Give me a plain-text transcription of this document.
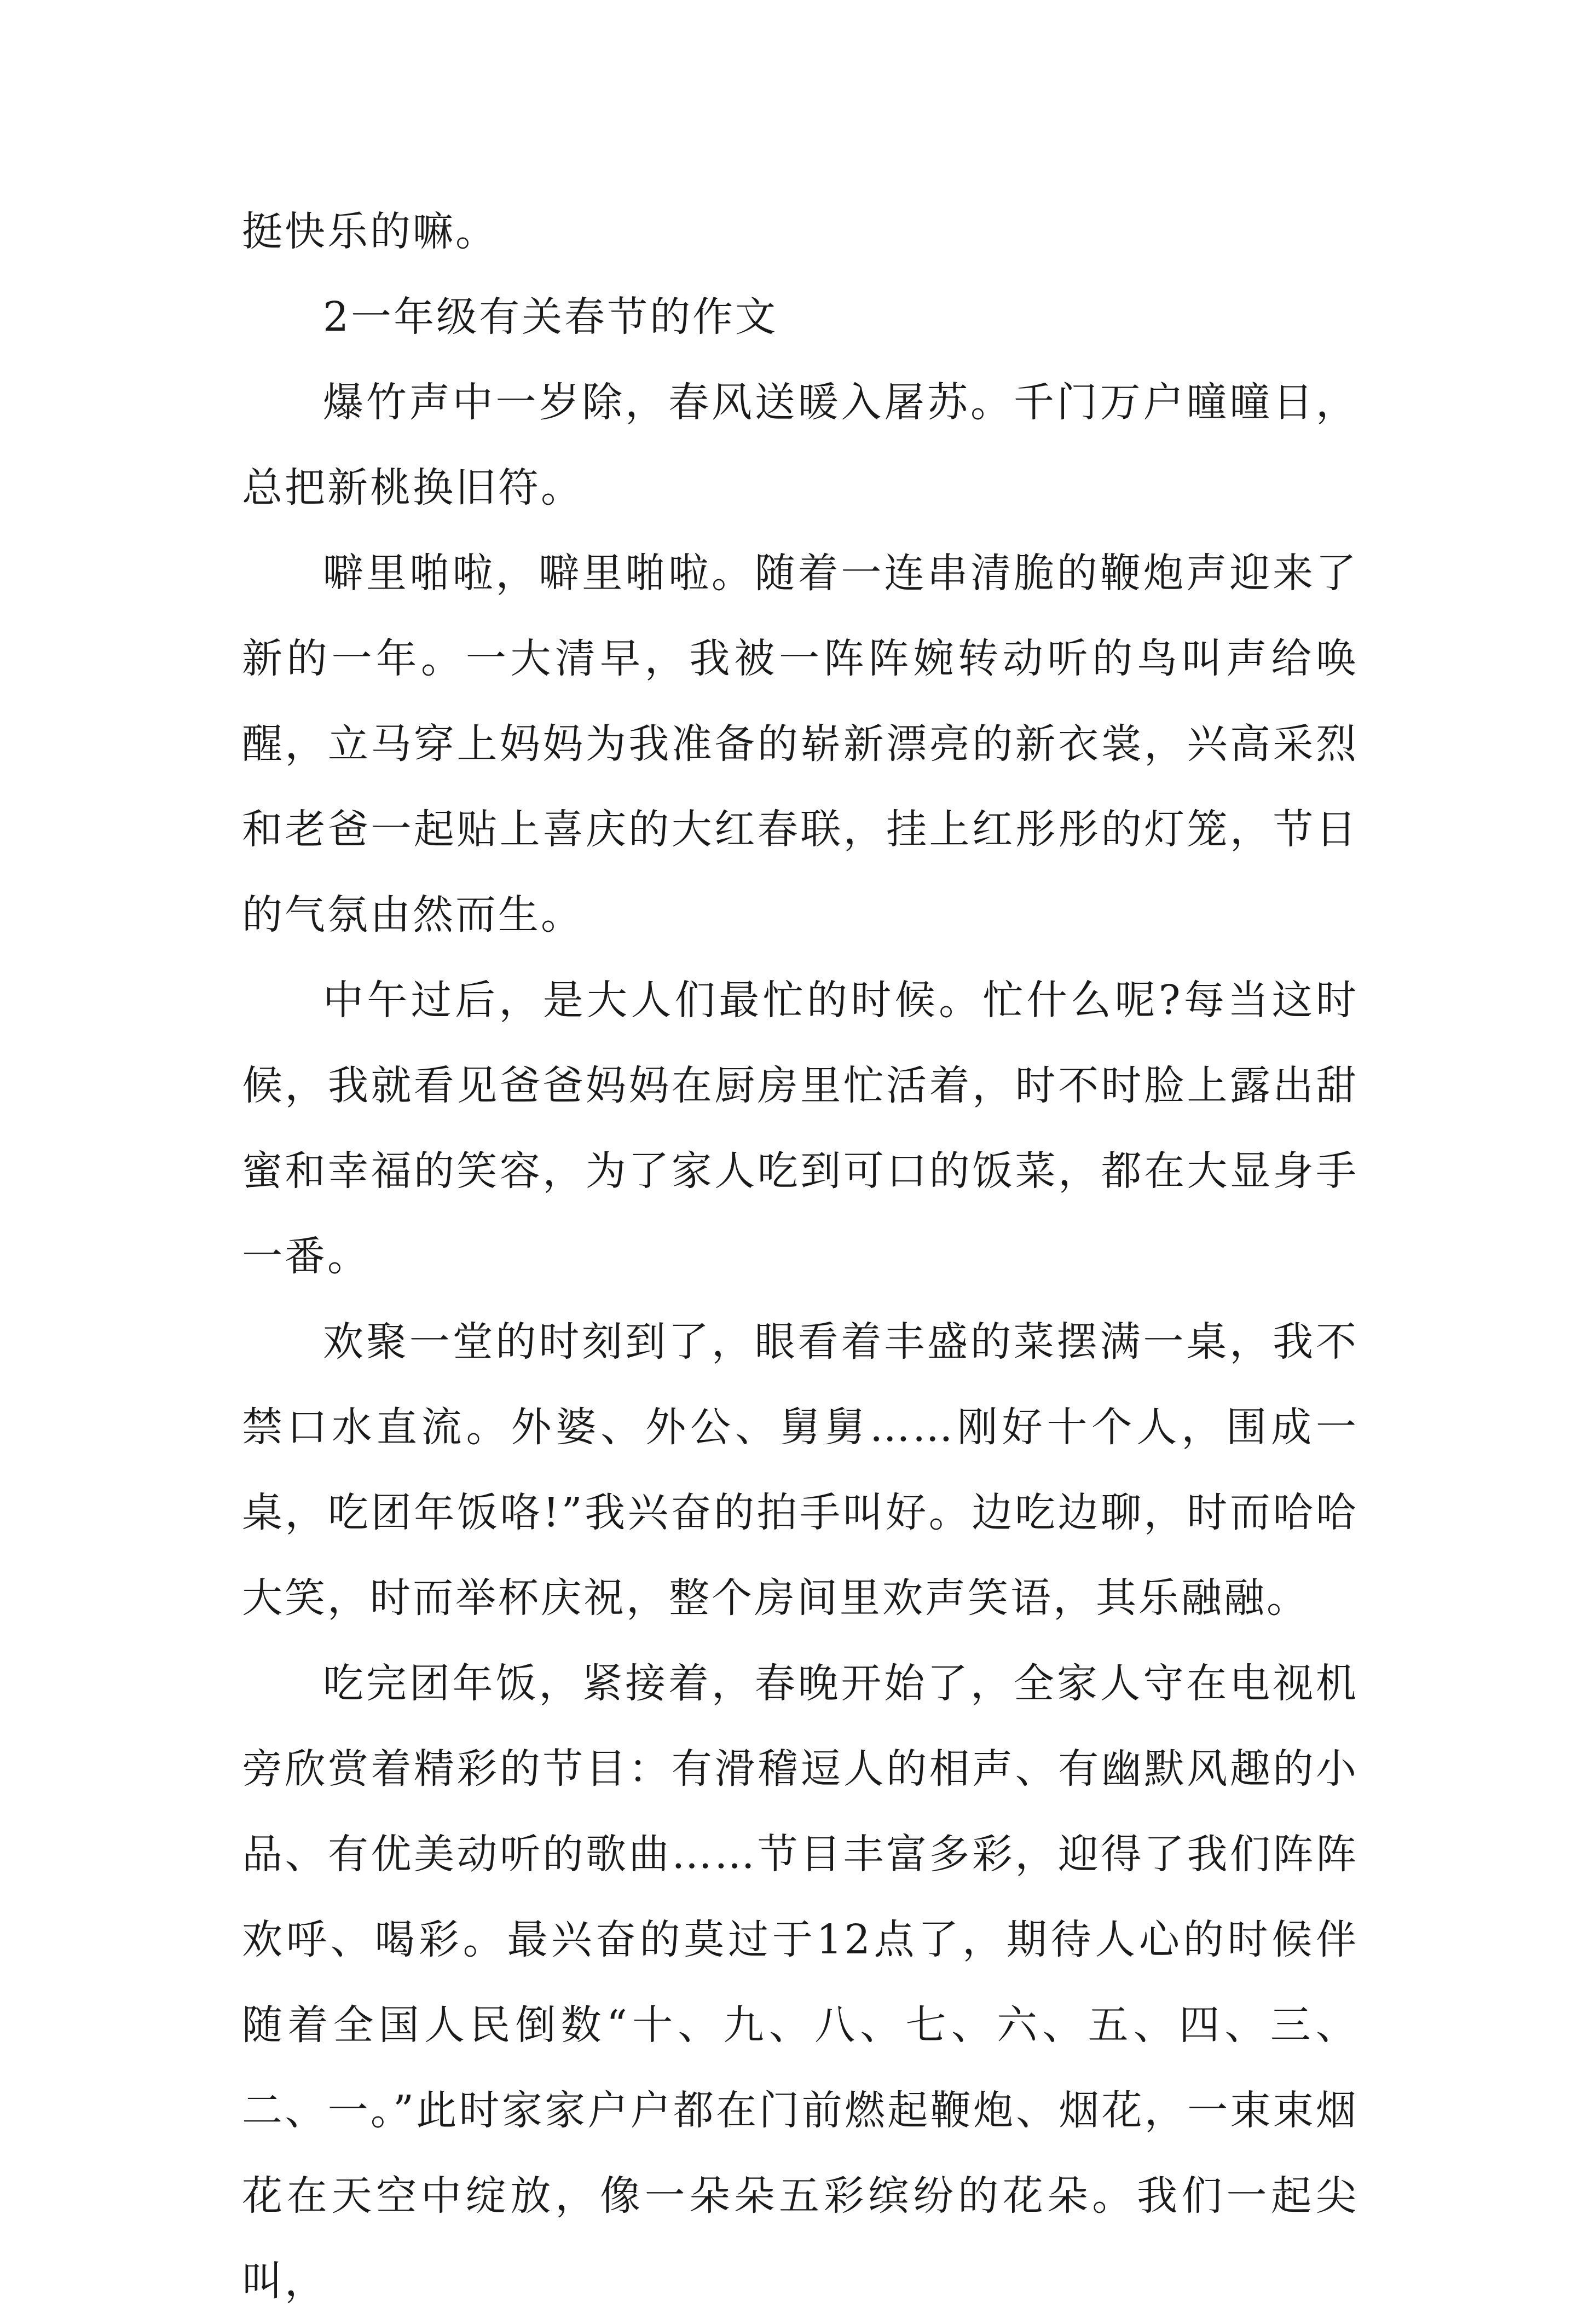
挺快乐的嘛。

2一年级有关春节的作文

爆竹声中一岁除，春风送暖入屠苏。千门万户曈曈日，总把新桃换旧符。

噼里啪啦，噼里啪啦。随着一连串清脆的鞭炮声迎来了新的一年。一大清早，我被一阵阵婉转动听的鸟叫声给唤醒，立马穿上妈妈为我准备的崭新漂亮的新衣裳，兴高采烈和老爸一起贴上喜庆的大红春联，挂上红彤彤的灯笼，节日的气氛由然而生。

中午过后，是大人们最忙的时候。忙什么呢?每当这时候，我就看见爸爸妈妈在厨房里忙活着，时不时脸上露出甜蜜和幸福的笑容，为了家人吃到可口的饭菜，都在大显身手一番。

欢聚一堂的时刻到了，眼看着丰盛的菜摆满一桌，我不禁口水直流。外婆、外公、舅舅……刚好十个人，围成一桌，吃团年饭咯!”我兴奋的拍手叫好。边吃边聊，时而哈哈大笑，时而举杯庆祝，整个房间里欢声笑语，其乐融融。

吃完团年饭，紧接着，春晚开始了，全家人守在电视机旁欣赏着精彩的节目：有滑稽逗人的相声、有幽默风趣的小品、有优美动听的歌曲……节目丰富多彩，迎得了我们阵阵欢呼、喝彩。最兴奋的莫过于12点了，期待人心的时候伴随着全国人民倒数“十、九、八、七、六、五、四、三、二、一。”此时家家户户都在门前燃起鞭炮、烟花，一束束烟花在天空中绽放，像一朵朵五彩缤纷的花朵。我们一起尖叫，
